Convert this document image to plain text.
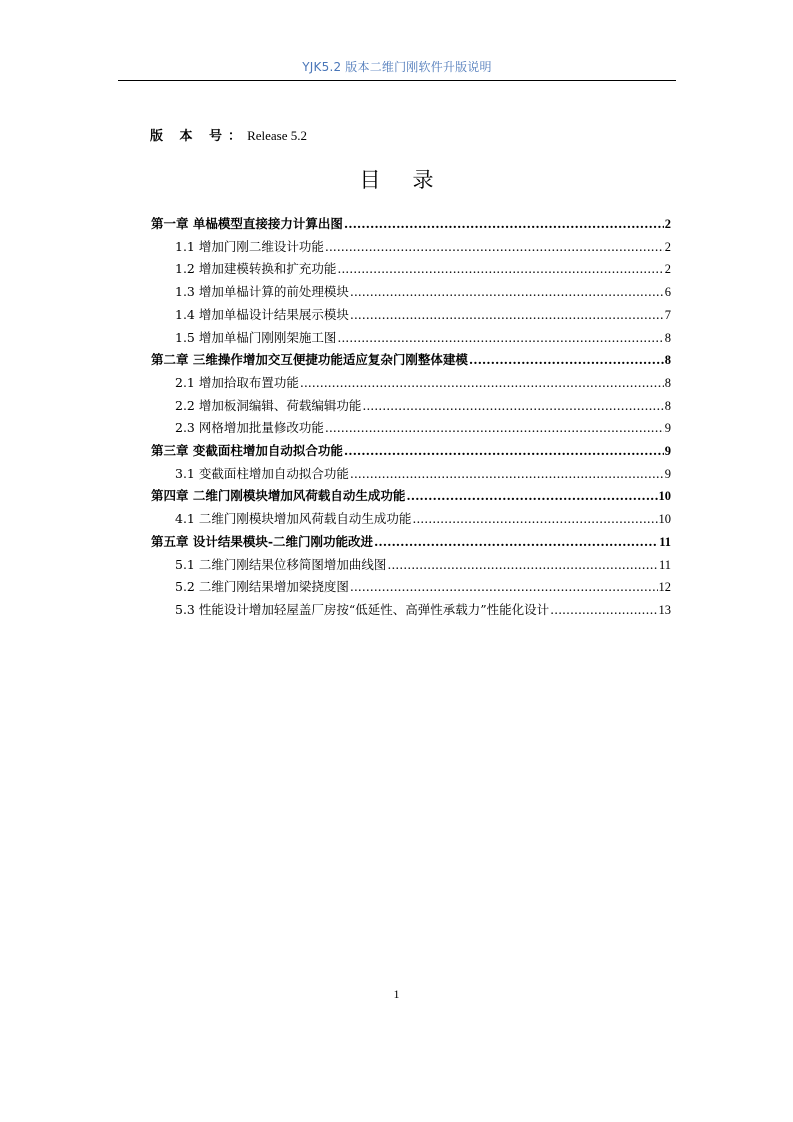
YJK5.2 版本二维门刚软件升版说明
版 本 号：Release 5.2
目录
第一章 单榀模型直接接力计算出图 .....	2
1.1 增加门刚二维设计功能 .....	2
1.2 增加建模转换和扩充功能 .....	2
1.3 增加单榀计算的前处理模块 .....	6
1.4 增加单榀设计结果展示模块 .....	7
1.5 增加单榀门刚刚架施工图 .....	8
第二章 三维操作增加交互便捷功能适应复杂门刚整体建模 .....	8
2.1 增加拾取布置功能 .....	8
2.2 增加板洞编辑、荷载编辑功能 .....	8
2.3 网格增加批量修改功能 .....	9
第三章 变截面柱增加自动拟合功能 .....	9
3.1 变截面柱增加自动拟合功能 .....	9
第四章 二维门刚模块增加风荷载自动生成功能 .....	10
4.1 二维门刚模块增加风荷载自动生成功能 .....	10
第五章 设计结果模块-二维门刚功能改进 .....	11
5.1 二维门刚结果位移简图增加曲线图 .....	11
5.2 二维门刚结果增加梁挠度图 .....	12
5.3 性能设计增加轻屋盖厂房按“低延性、高弹性承载力”性能化设计 .....	13
1
